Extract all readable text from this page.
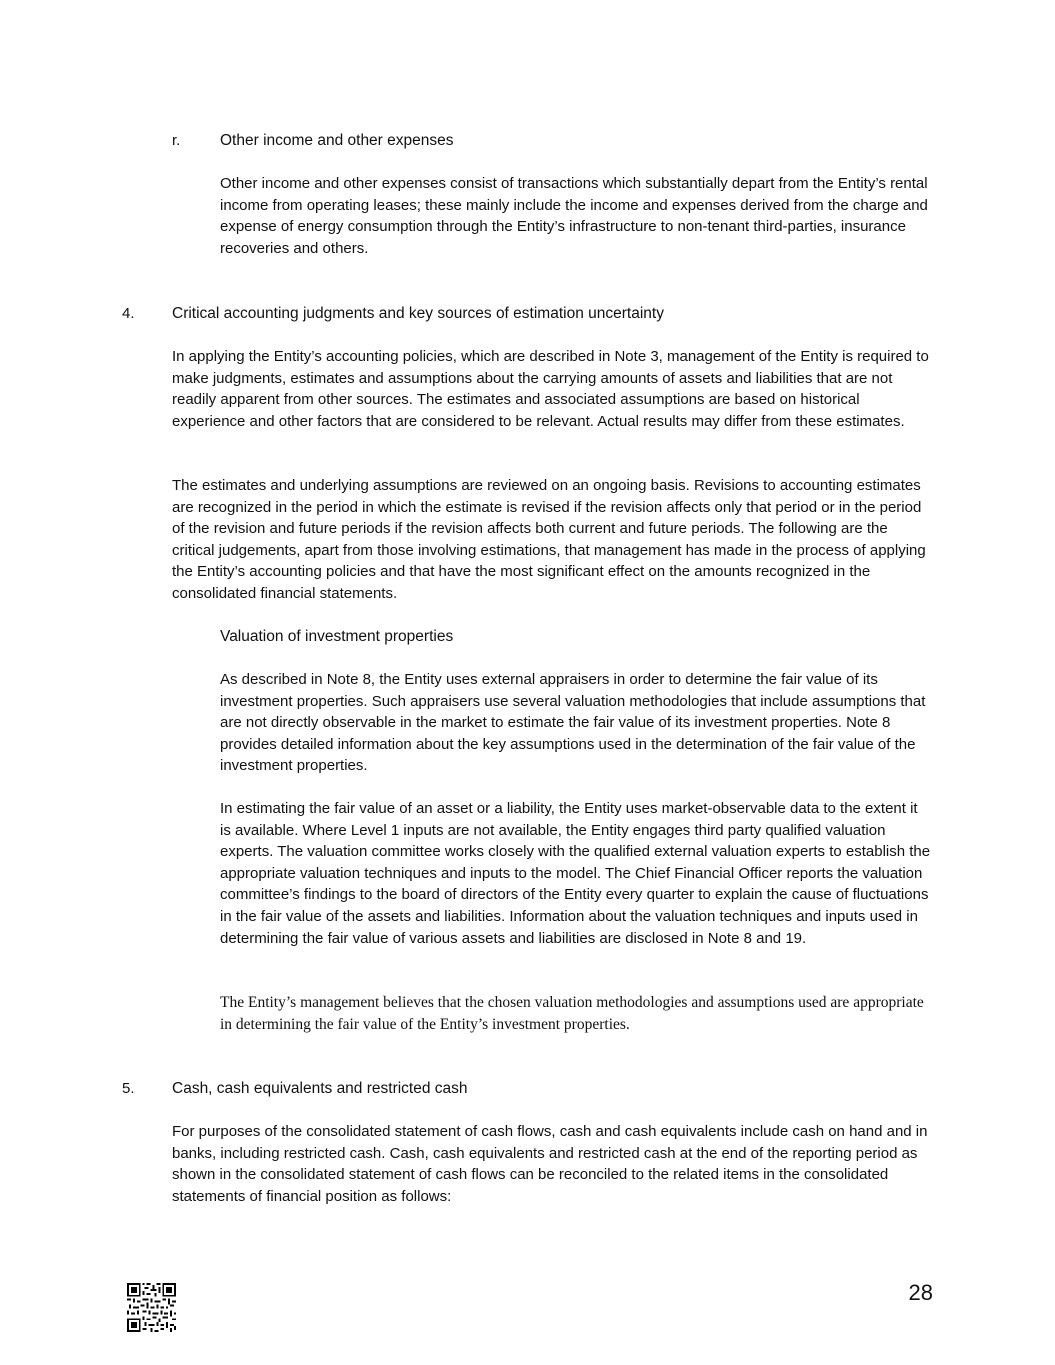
r.	Other income and other expenses

Other income and other expenses consist of transactions which substantially depart from the Entity’s rental income from operating leases; these mainly include the income and expenses derived from the charge and expense of energy consumption through the Entity’s infrastructure to non-tenant third-parties, insurance recoveries and others.

4. Critical accounting judgments and key sources of estimation uncertainty

In applying the Entity’s accounting policies, which are described in Note 3, management of the Entity is required to make judgments, estimates and assumptions about the carrying amounts of assets and liabilities that are not readily apparent from other sources. The estimates and associated assumptions are based on historical experience and other factors that are considered to be relevant. Actual results may differ from these estimates.

The estimates and underlying assumptions are reviewed on an ongoing basis. Revisions to accounting estimates are recognized in the period in which the estimate is revised if the revision affects only that period or in the period of the revision and future periods if the revision affects both current and future periods. The following are the critical judgements, apart from those involving estimations, that management has made in the process of applying the Entity’s accounting policies and that have the most significant effect on the amounts recognized in the consolidated financial statements.

Valuation of investment properties

As described in Note 8, the Entity uses external appraisers in order to determine the fair value of its investment properties. Such appraisers use several valuation methodologies that include assumptions that are not directly observable in the market to estimate the fair value of its investment properties. Note 8 provides detailed information about the key assumptions used in the determination of the fair value of the investment properties.

In estimating the fair value of an asset or a liability, the Entity uses market-observable data to the extent it is available. Where Level 1 inputs are not available, the Entity engages third party qualified valuation experts. The valuation committee works closely with the qualified external valuation experts to establish the appropriate valuation techniques and inputs to the model. The Chief Financial Officer reports the valuation committee’s findings to the board of directors of the Entity every quarter to explain the cause of fluctuations in the fair value of the assets and liabilities. Information about the valuation techniques and inputs used in determining the fair value of various assets and liabilities are disclosed in Note 8 and 19.

The Entity’s management believes that the chosen valuation methodologies and assumptions used are appropriate in determining the fair value of the Entity’s investment properties.

5. Cash, cash equivalents and restricted cash

For purposes of the consolidated statement of cash flows, cash and cash equivalents include cash on hand and in banks, including restricted cash. Cash, cash equivalents and restricted cash at the end of the reporting period as shown in the consolidated statement of cash flows can be reconciled to the related items in the consolidated statements of financial position as follows:

28
